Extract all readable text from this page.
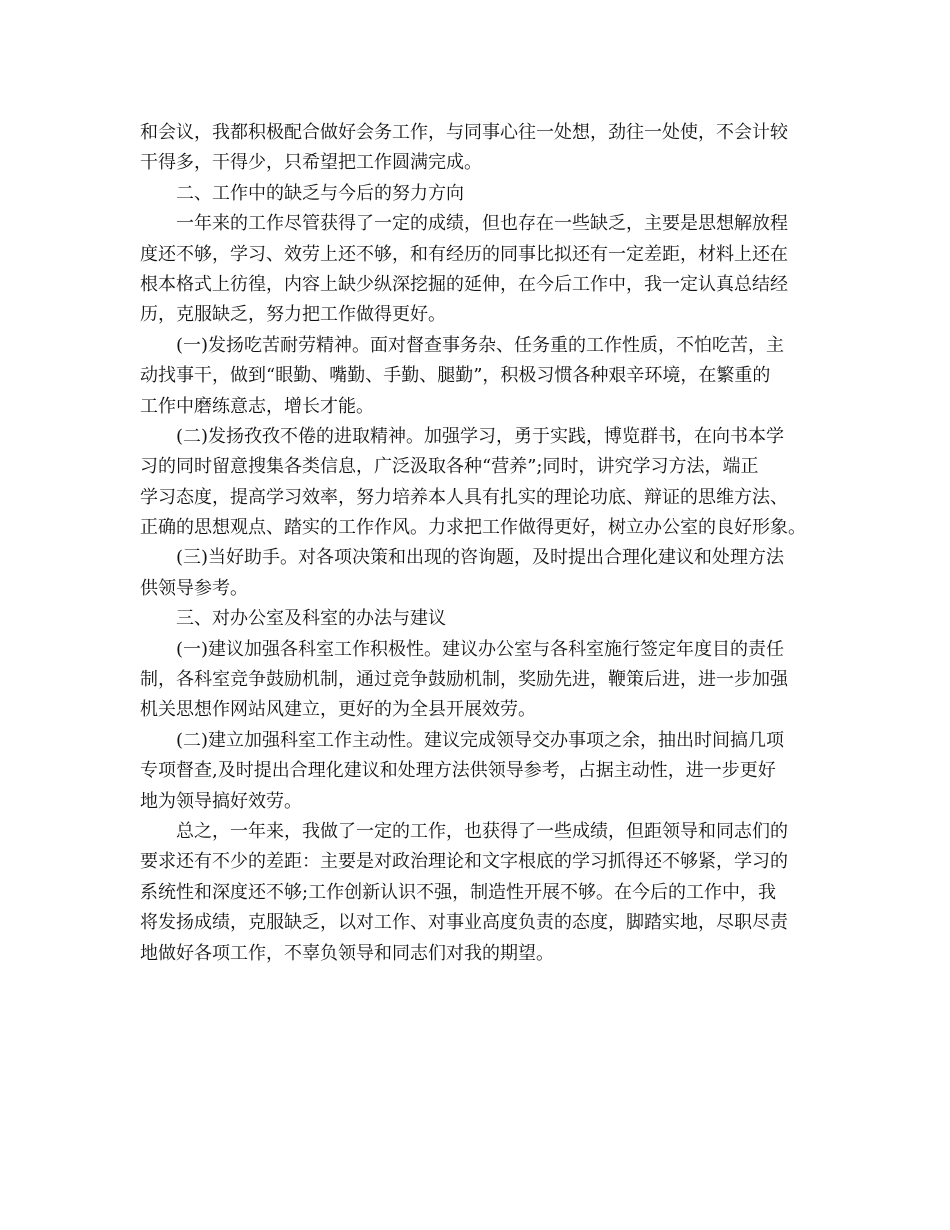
和会议，我都积极配合做好会务工作，与同事心往一处想，劲往一处使，不会计较
干得多，干得少，只希望把工作圆满完成。
二、工作中的缺乏与今后的努力方向
一年来的工作尽管获得了一定的成绩，但也存在一些缺乏，主要是思想解放程
度还不够，学习、效劳上还不够，和有经历的同事比拟还有一定差距，材料上还在
根本格式上彷徨，内容上缺少纵深挖掘的延伸，在今后工作中，我一定认真总结经
历，克服缺乏，努力把工作做得更好。
(一)发扬吃苦耐劳精神。面对督查事务杂、任务重的工作性质，不怕吃苦，主
动找事干，做到“眼勤、嘴勤、手勤、腿勤”，积极习惯各种艰辛环境，在繁重的
工作中磨练意志，增长才能。
(二)发扬孜孜不倦的进取精神。加强学习，勇于实践，博览群书，在向书本学
习的同时留意搜集各类信息，广泛汲取各种“营养”;同时，讲究学习方法，端正
学习态度，提高学习效率，努力培养本人具有扎实的理论功底、辩证的思维方法、
正确的思想观点、踏实的工作作风。力求把工作做得更好，树立办公室的良好形象。
(三)当好助手。对各项决策和出现的咨询题，及时提出合理化建议和处理方法
供领导参考。
三、对办公室及科室的办法与建议
(一)建议加强各科室工作积极性。建议办公室与各科室施行签定年度目的责任
制，各科室竞争鼓励机制，通过竞争鼓励机制，奖励先进，鞭策后进，进一步加强
机关思想作网站风建立，更好的为全县开展效劳。
(二)建立加强科室工作主动性。建议完成领导交办事项之余，抽出时间搞几项
专项督查,及时提出合理化建议和处理方法供领导参考，占据主动性，进一步更好
地为领导搞好效劳。
总之，一年来，我做了一定的工作，也获得了一些成绩，但距领导和同志们的
要求还有不少的差距：主要是对政治理论和文字根底的学习抓得还不够紧，学习的
系统性和深度还不够;工作创新认识不强，制造性开展不够。在今后的工作中，我
将发扬成绩，克服缺乏，以对工作、对事业高度负责的态度，脚踏实地，尽职尽责
地做好各项工作，不辜负领导和同志们对我的期望。
